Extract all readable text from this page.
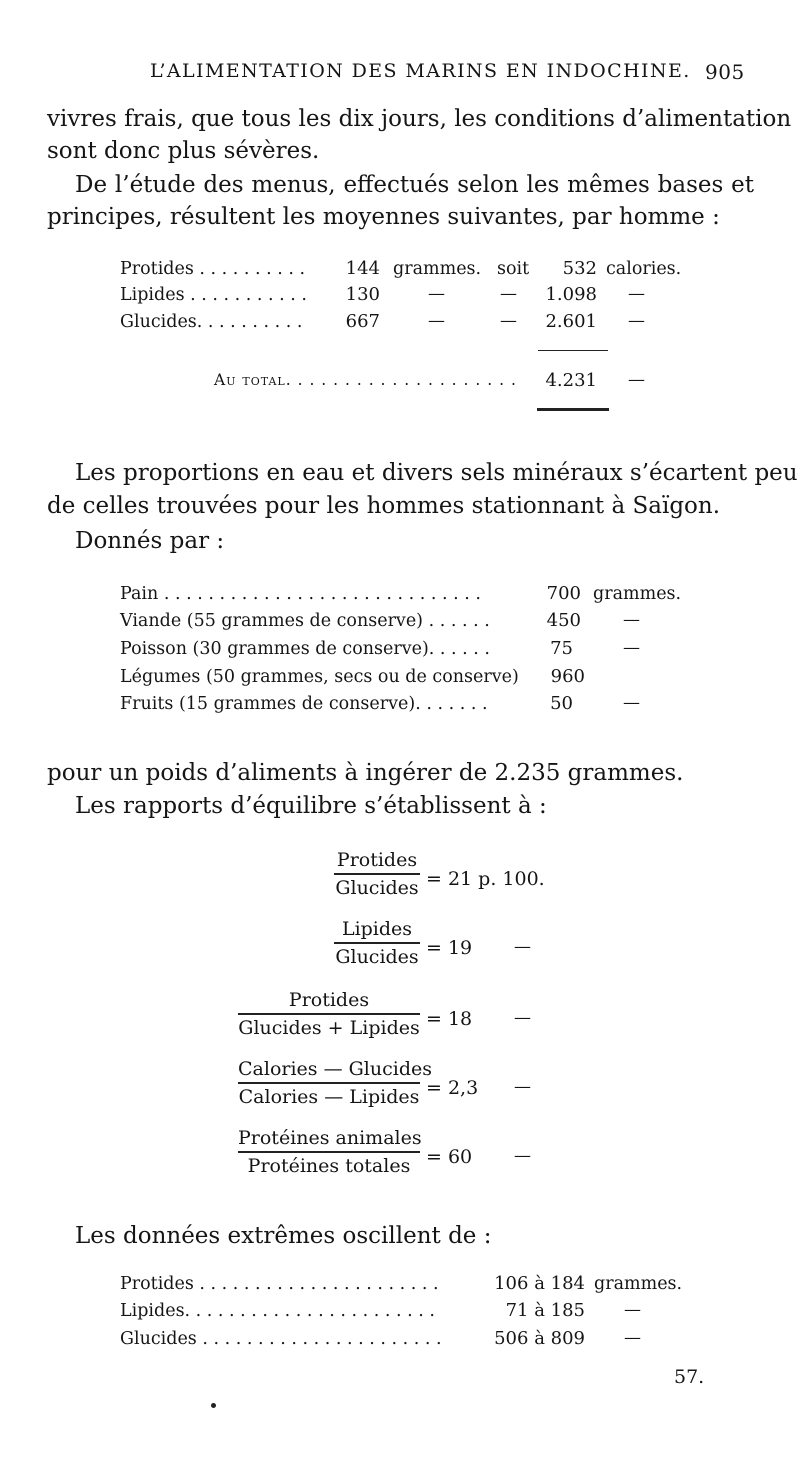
L’ALIMENTATION DES MARINS EN INDOCHINE. 905
vivres frais, que tous les dix jours, les conditions d’alimentation
sont donc plus sévères.
De l’étude des menus, effectués selon les mêmes bases et
principes, résultent les moyennes suivantes, par homme :
Protides . . . . . . . . . .	144 grammes. soit	532 calories.
Lipides . . . . . . . . . . .	130	—	—	1.098 —
Glucides. . . . . . . . . .	667	—	—	2.601 —
Au total. . . . . . . . . . . . . . . . . . . .	4.231 —
Les proportions en eau et divers sels minéraux s’écartent peu
de celles trouvées pour les hommes stationnant à Saïgon.
Donnés par :
Pain . . . . . . . . . . . . . . . . . . . . . . . . . . . . .	700 grammes.
Viande (55 grammes de conserve) . . . . . .	450 —
Poisson (30 grammes de conserve). . . . . .	75	—
Légumes (50 grammes, secs ou de conserve)	960
Fruits (15 grammes de conserve). . . . . . .	50	—
pour un poids d’aliments à ingérer de 2.235 grammes.
Les rapports d’équilibre s’établissent à :
Protides
Glucides = 21 p. 100.
Lipides
Glucides = 19 —
Protides
Glucides + Lipides = 18 —
Calories — Glucides
Calories — Lipides = 2,3 —
Protéines animales
Protéines totales = 60 —
Les données extrêmes oscillent de :
Protides . . . . . . . . . . . . . . . . . . . . . .	106 à 184 grammes.
Lipides. . . . . . . . . . . . . . . . . . . . . . .	71 à 185 —
Glucides . . . . . . . . . . . . . . . . . . . . . .	506 à 809 —
57.
